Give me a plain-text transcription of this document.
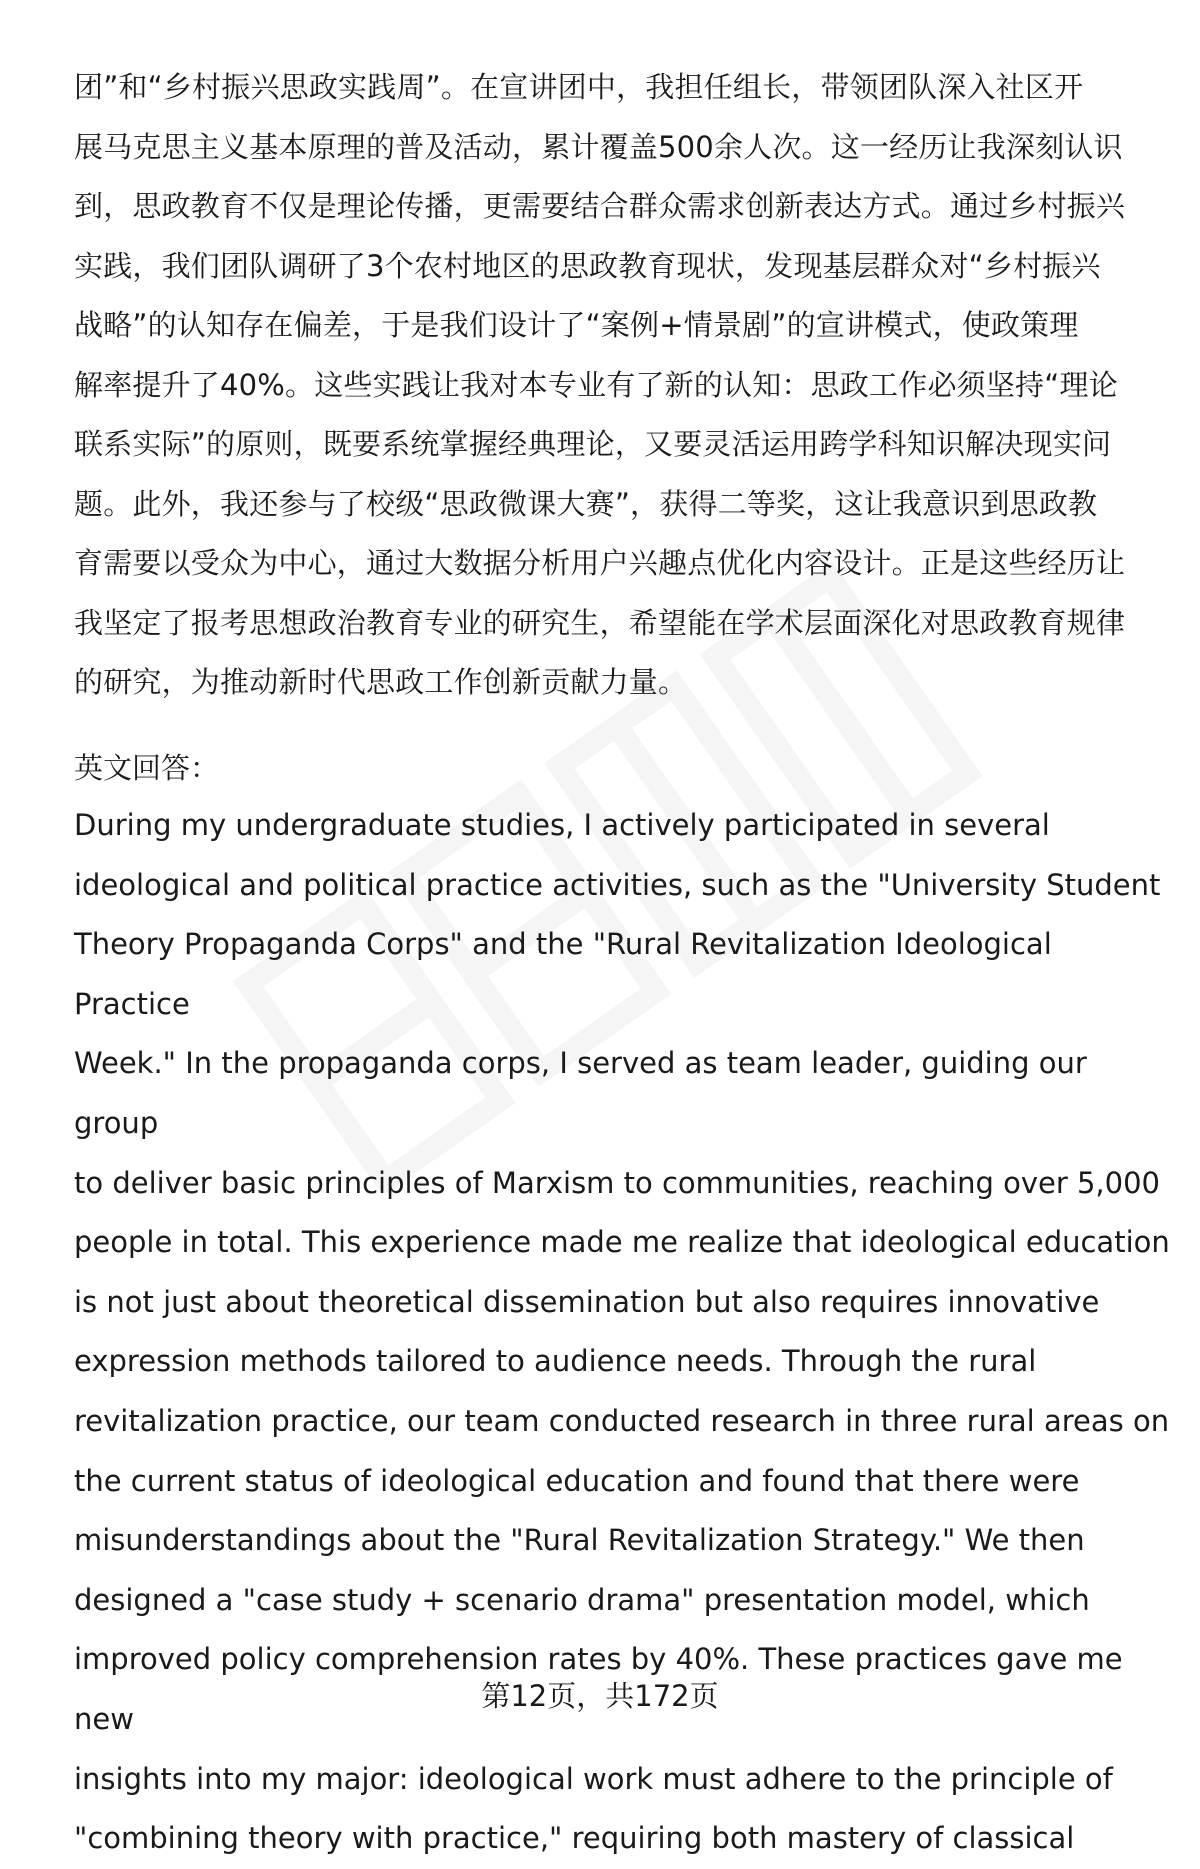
团”和“乡村振兴思政实践周”。在宣讲团中，我担任组长，带领团队深入社区开
展马克思主义基本原理的普及活动，累计覆盖500余人次。这一经历让我深刻认识
到，思政教育不仅是理论传播，更需要结合群众需求创新表达方式。通过乡村振兴
实践，我们团队调研了3个农村地区的思政教育现状，发现基层群众对“乡村振兴
战略”的认知存在偏差，于是我们设计了“案例+情景剧”的宣讲模式，使政策理
解率提升了40%。这些实践让我对本专业有了新的认知：思政工作必须坚持“理论
联系实际”的原则，既要系统掌握经典理论，又要灵活运用跨学科知识解决现实问
题。此外，我还参与了校级“思政微课大赛”，获得二等奖，这让我意识到思政教
育需要以受众为中心，通过大数据分析用户兴趣点优化内容设计。正是这些经历让
我坚定了报考思想政治教育专业的研究生，希望能在学术层面深化对思政教育规律
的研究，为推动新时代思政工作创新贡献力量。

英文回答：

During my undergraduate studies, I actively participated in several
ideological and political practice activities, such as the "University Student
Theory Propaganda Corps" and the "Rural Revitalization Ideological Practice
Week." In the propaganda corps, I served as team leader, guiding our group
to deliver basic principles of Marxism to communities, reaching over 5,000
people in total. This experience made me realize that ideological education
is not just about theoretical dissemination but also requires innovative
expression methods tailored to audience needs. Through the rural
revitalization practice, our team conducted research in three rural areas on
the current status of ideological education and found that there were
misunderstandings about the "Rural Revitalization Strategy." We then
designed a "case study + scenario drama" presentation model, which
improved policy comprehension rates by 40%. These practices gave me new
insights into my major: ideological work must adhere to the principle of
"combining theory with practice," requiring both mastery of classical

第12页，共172页
